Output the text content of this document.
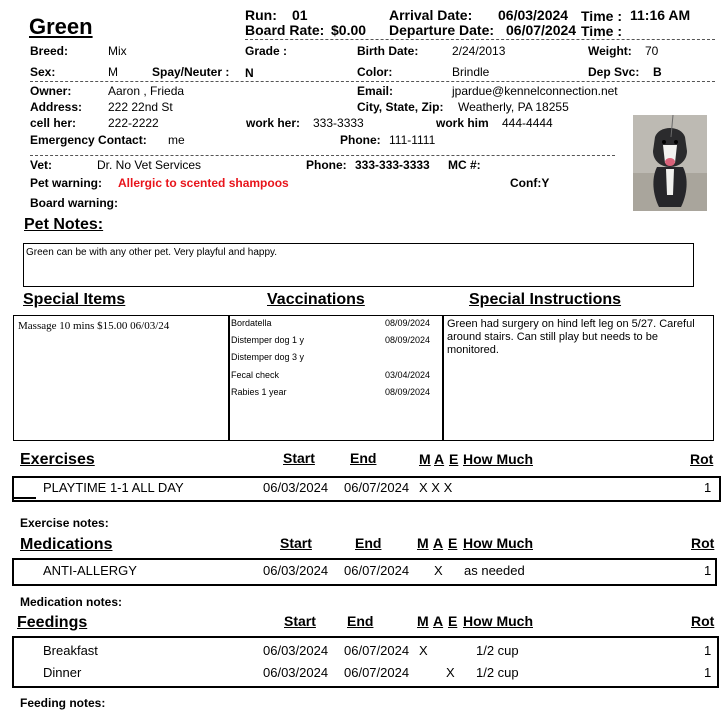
Green	Run: 01
Board Rate: $0.00
Arrival Date: 06/03/2024 Time : 11:16 AM
Departure Date: 06/07/2024 Time :
Breed:	Mix	Grade :	Birth Date:	2/24/2013	Weight: 70
Sex:	M	Spay/Neuter : N	Color:	Brindle	Dep Svc: B
Owner:	Aaron , Frieda	Email:	jpardue@kennelconnection.net
Address: 222 22nd St	City, State, Zip: Weatherly, PA 18255
cell her:	222-2222	work her: 333-3333	work him 444-4444
Emergency Contact: me	Phone: 111-1111
Vet:	Dr. No Vet Services	Phone: 333-333-3333 MC #:
Pet warning: Allergic to scented shampoos	Conf:Y
Board warning:
Pet Notes:
Green can be with any other pet. Very playful and happy.
Special Items	Vaccinations	Special Instructions
Massage 10 mins $15.00 06/03/24	Bordatella	08/09/2024
Distemper dog 1 y	08/09/2024
Distemper dog 3 y
Fecal check	03/04/2024
Rabies 1 year	08/09/2024
Green had surgery on hind left leg on 5/27. Careful around stairs. Can still play but needs to be monitored.
Exercises	Start	End	M A E How Much	Rot
PLAYTIME 1-1 ALL DAY	06/03/2024 06/07/2024 X X X	1
Exercise notes:
Medications	Start	End	M A E How Much	Rot
ANTI-ALLERGY	06/03/2024 06/07/2024 X as needed	1
Medication notes:
Feedings	Start End	M A E How Much	Rot
Breakfast	06/03/2024 06/07/2024 X	1/2 cup	1
Dinner	06/03/2024 06/07/2024	X 1/2 cup	1
Feeding notes:
